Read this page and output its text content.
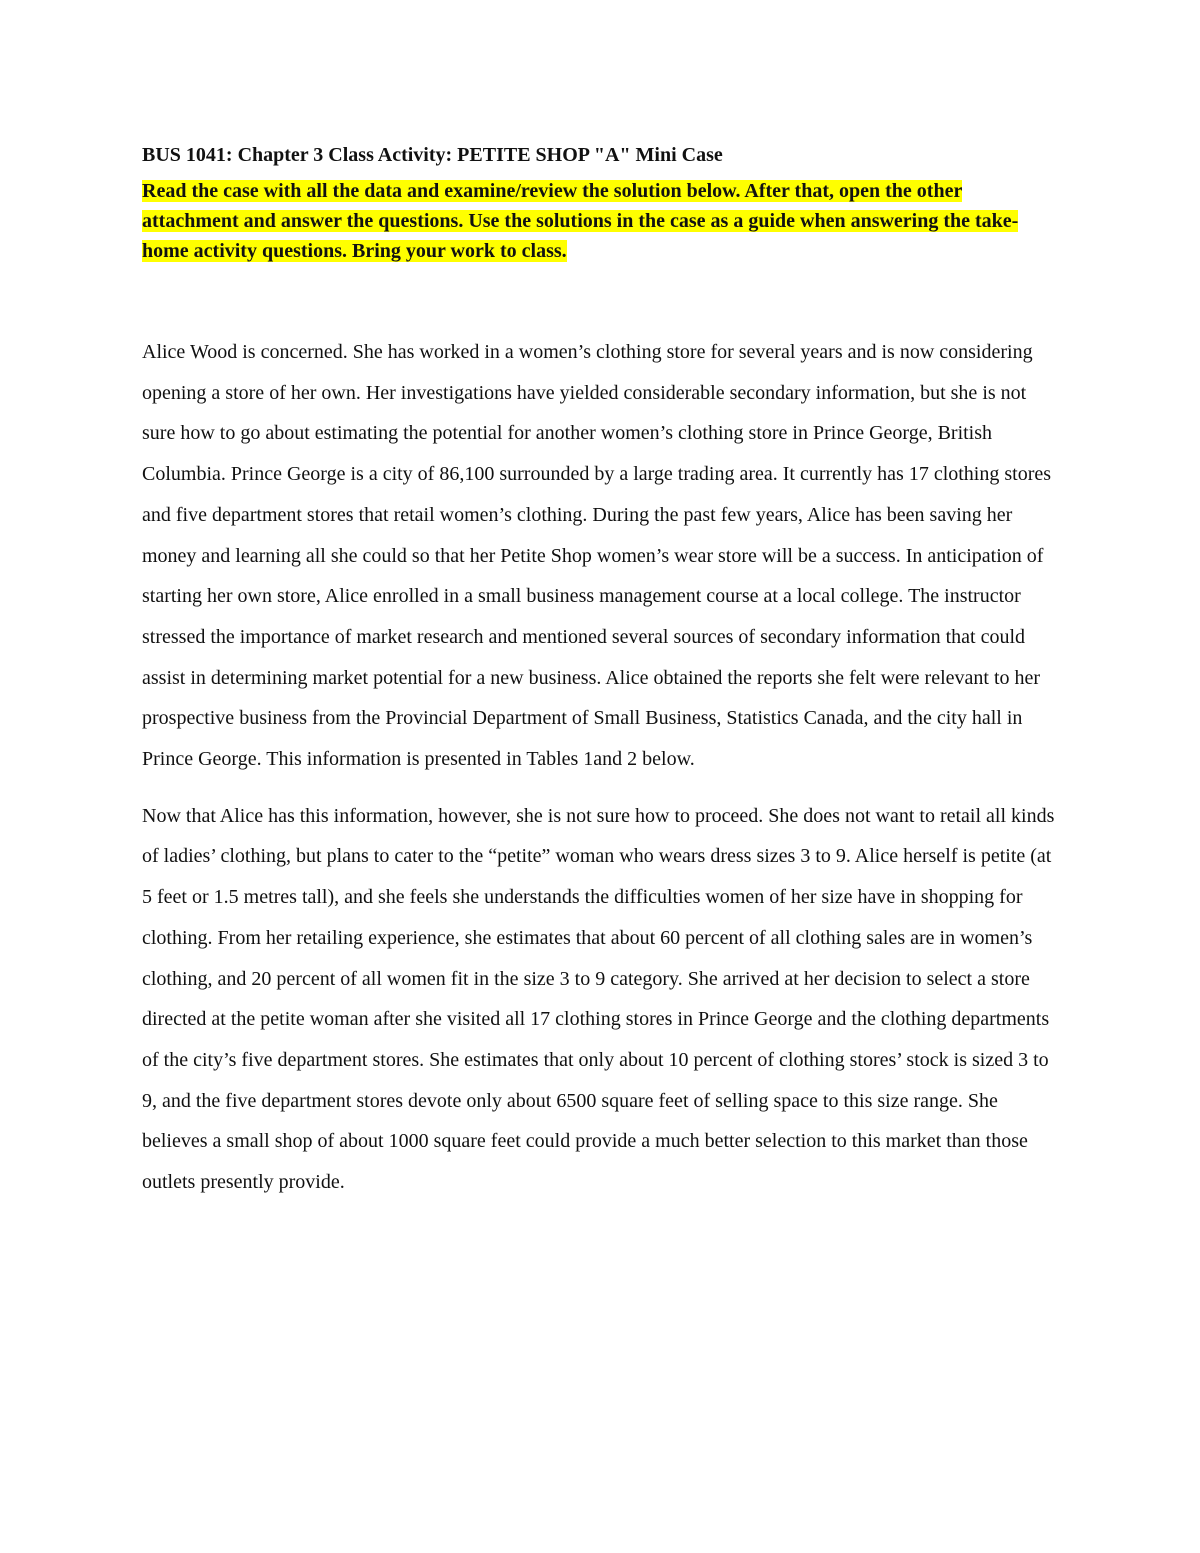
BUS 1041: Chapter 3 Class Activity: PETITE SHOP "A" Mini Case

Read the case with all the data and examine/review the solution below. After that, open the other attachment and answer the questions. Use the solutions in the case as a guide when answering the take-home activity questions. Bring your work to class.

Alice Wood is concerned. She has worked in a women’s clothing store for several years and is now considering opening a store of her own. Her investigations have yielded considerable secondary information, but she is not sure how to go about estimating the potential for another women’s clothing store in Prince George, British Columbia. Prince George is a city of 86,100 surrounded by a large trading area. It currently has 17 clothing stores and five department stores that retail women’s clothing. During the past few years, Alice has been saving her money and learning all she could so that her Petite Shop women’s wear store will be a success. In anticipation of starting her own store, Alice enrolled in a small business management course at a local college. The instructor stressed the importance of market research and mentioned several sources of secondary information that could assist in determining market potential for a new business. Alice obtained the reports she felt were relevant to her prospective business from the Provincial Department of Small Business, Statistics Canada, and the city hall in Prince George. This information is presented in Tables 1and 2 below.

Now that Alice has this information, however, she is not sure how to proceed. She does not want to retail all kinds of ladies’ clothing, but plans to cater to the “petite” woman who wears dress sizes 3 to 9. Alice herself is petite (at 5 feet or 1.5 metres tall), and she feels she understands the difficulties women of her size have in shopping for clothing. From her retailing experience, she estimates that about 60 percent of all clothing sales are in women’s clothing, and 20 percent of all women fit in the size 3 to 9 category. She arrived at her decision to select a store directed at the petite woman after she visited all 17 clothing stores in Prince George and the clothing departments of the city’s five department stores. She estimates that only about 10 percent of clothing stores’ stock is sized 3 to 9, and the five department stores devote only about 6500 square feet of selling space to this size range. She believes a small shop of about 1000 square feet could provide a much better selection to this market than those outlets presently provide.
